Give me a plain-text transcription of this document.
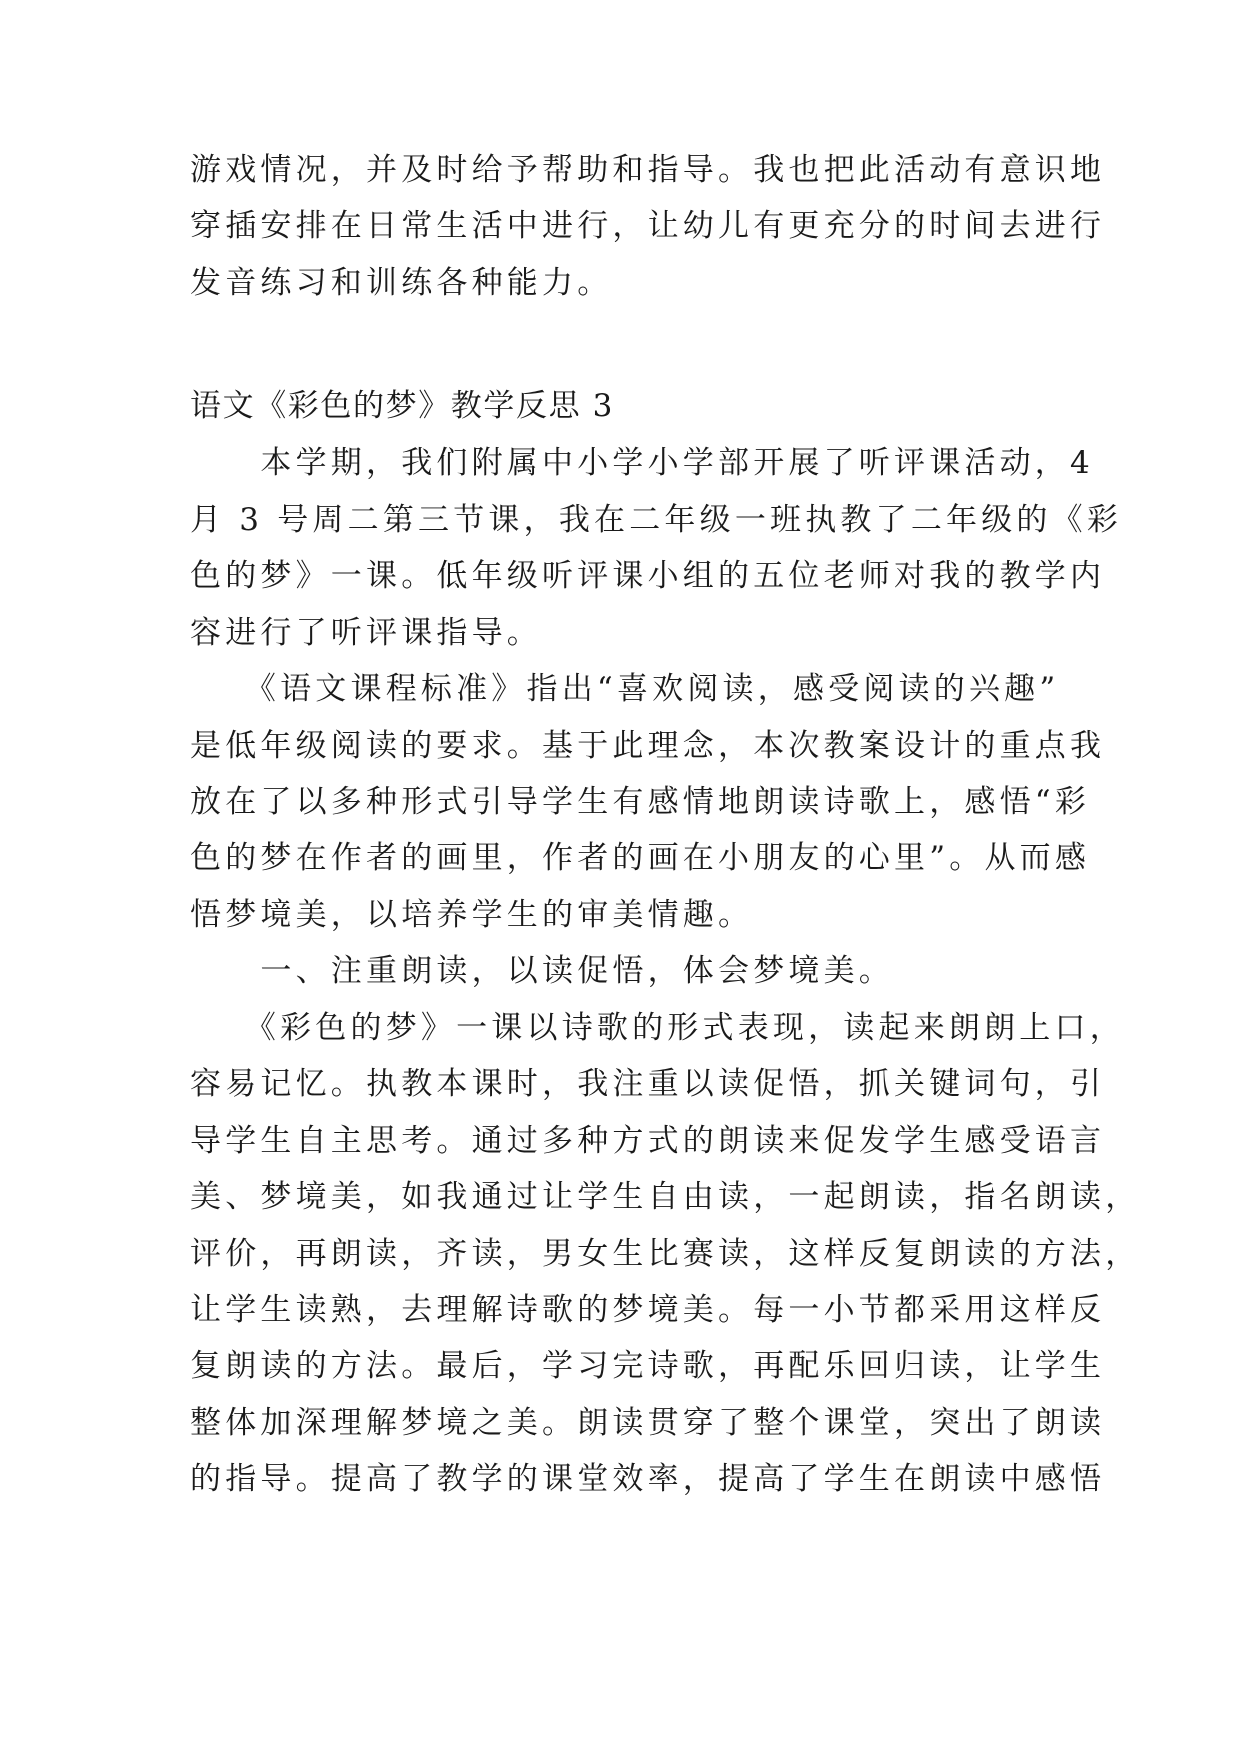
游戏情况，并及时给予帮助和指导。我也把此活动有意识地
穿插安排在日常生活中进行，让幼儿有更充分的时间去进行
发音练习和训练各种能力。
语文《彩色的梦》教学反思 3
　　本学期，我们附属中小学小学部开展了听评课活动，4
月 3 号周二第三节课，我在二年级一班执教了二年级的《彩
色的梦》一课。低年级听评课小组的五位老师对我的教学内
容进行了听评课指导。
　　《语文课程标准》指出“喜欢阅读，感受阅读的兴趣”
是低年级阅读的要求。基于此理念，本次教案设计的重点我
放在了以多种形式引导学生有感情地朗读诗歌上，感悟“彩
色的梦在作者的画里，作者的画在小朋友的心里”。从而感
悟梦境美，以培养学生的审美情趣。
　　一、注重朗读，以读促悟，体会梦境美。
　　《彩色的梦》一课以诗歌的形式表现，读起来朗朗上口，
容易记忆。执教本课时，我注重以读促悟，抓关键词句，引
导学生自主思考。通过多种方式的朗读来促发学生感受语言
美、梦境美，如我通过让学生自由读，一起朗读，指名朗读，
评价，再朗读，齐读，男女生比赛读，这样反复朗读的方法，
让学生读熟，去理解诗歌的梦境美。每一小节都采用这样反
复朗读的方法。最后，学习完诗歌，再配乐回归读，让学生
整体加深理解梦境之美。朗读贯穿了整个课堂，突出了朗读
的指导。提高了教学的课堂效率，提高了学生在朗读中感悟
